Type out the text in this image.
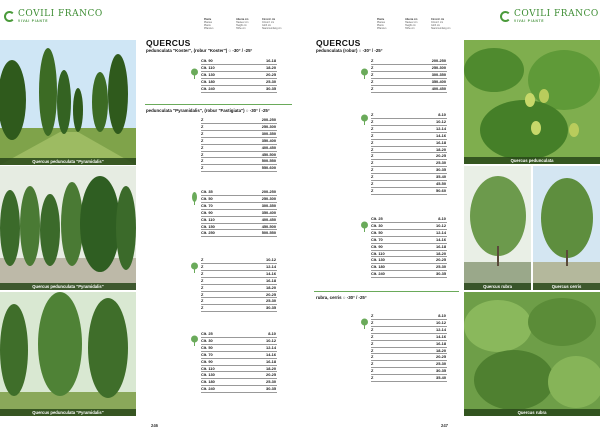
Quercus pedunculata "Pyramidalis"
Quercus pedunculata "Pyramidalis"
Quercus pedunculata "Pyramidalis"
COVILI FRANCO
VIVAI PIANTE	Piante
Plantes
Plants
Pflanzen
Altezza cm
Hauteur cm
Height cm
Höhe cm
Circonf. cm
Circonf. cm
Girth cm
Stammumfang cm
QUERCUS
pedunculata "Koster", (robur "Koster") ○ -30° / -25°
Clt. 90	16-18
Clt. 110	18-20
Clt. 130	20-25
Clt. 180	25-30
Clt. 240	30-35
pedunculata "Pyramidalis", (robur "Fastigiata") ○ -30° / -25°
Z	200-250
Z	250-300
Z	300-350
Z	350-400
Z	400-450
Z	450-500
Z	500-550
Z	550-600
Clt. 35	200-250
Clt. 50	250-300
Clt. 70	300-350
Clt. 90	350-400
Clt. 110	400-450
Clt. 150	450-500
Clt. 250	500-550
Z	10-12
Z	12-14
Z	14-16
Z	16-18
Z	18-20
Z	20-25
Z	25-30
Z	30-35
Clt. 25	8-10
Clt. 30	10-12
Clt. 50	12-14
Clt. 70	14-16
Clt. 90	16-18
Clt. 110	18-20
Clt. 130	20-25
Clt. 180	25-30
Clt. 240	30-35
246
Piante
Plantes
Plants
Pflanzen
Altezza cm
Hauteur cm
Height cm
Höhe cm
Circonf. cm
Circonf. cm
Girth cm
Stammumfang cm
COVILI FRANCO
VIVAI PIANTE
QUERCUS
pedunculata (robur) ○ -30° / -25°
Z	200-250
Z	250-300
Z	300-350
Z	350-400
Z	400-450
Z	8-10
Z	10-12
Z	12-14
Z	14-16
Z	16-18
Z	18-20
Z	20-25
Z	25-30
Z	30-35
Z	35-40
Z	45-50
Z	50-60
Clt. 25	8-10
Clt. 30	10-12
Clt. 50	12-14
Clt. 70	14-16
Clt. 90	16-18
Clt. 110	18-20
Clt. 130	20-25
Clt. 180	25-30
Clt. 240	30-35
rubra, cerris ○ -30° / -25°
Z	8-10
Z	10-12
Z	12-14
Z	14-16
Z	16-18
Z	18-20
Z	20-25
Z	25-30
Z	30-35
Z	35-40
247
Quercus pedunculata
Quercus rubra	Quercus cerris
Quercus rubra
